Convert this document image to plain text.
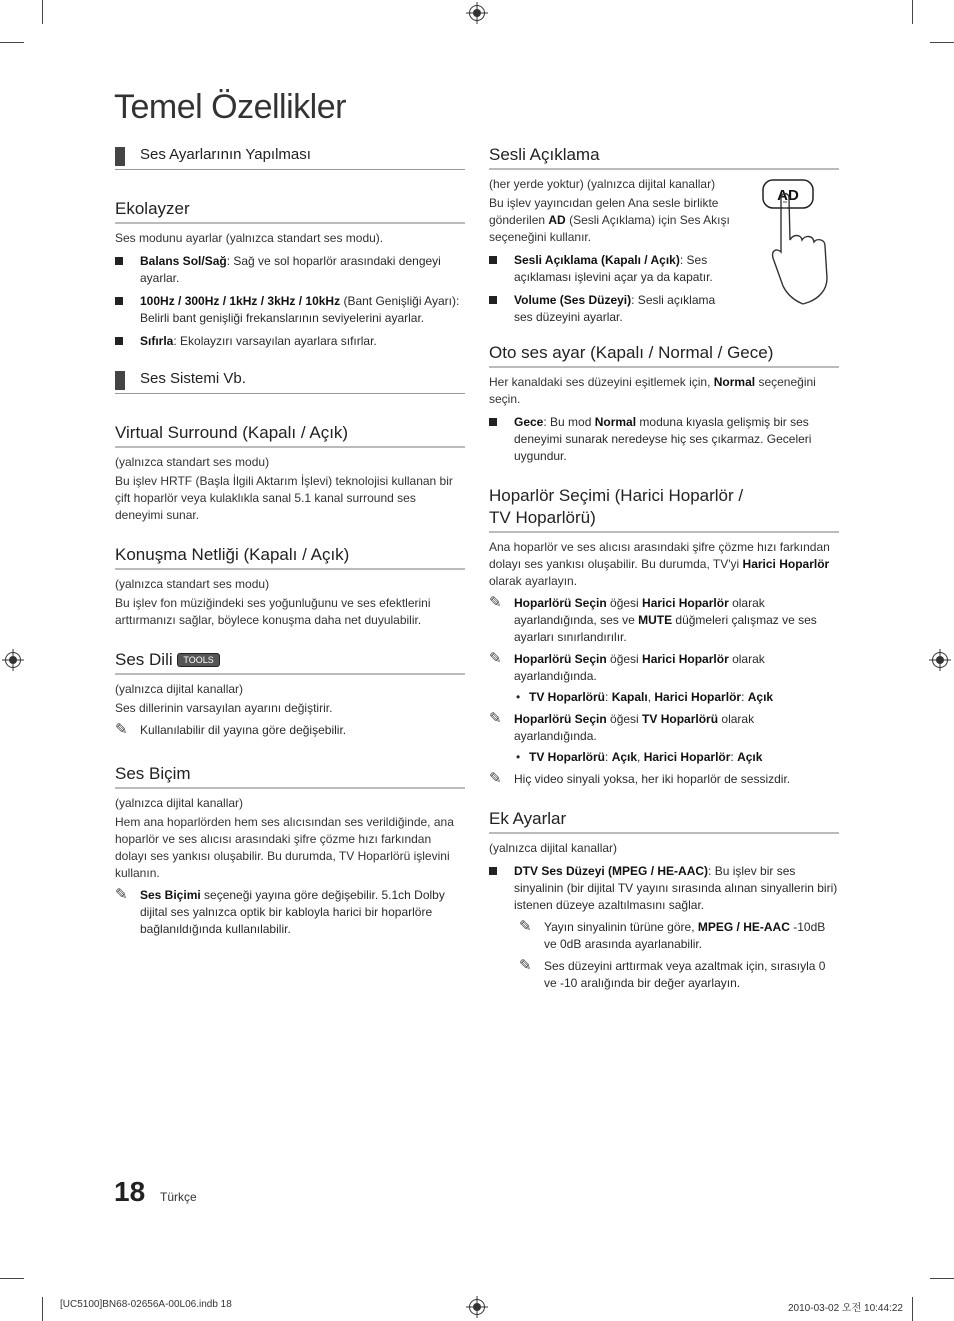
Temel Özellikler
Ses Ayarlarının Yapılması
Ekolayzer
Ses modunu ayarlar (yalnızca standart ses modu).
Balans Sol/Sağ: Sağ ve sol hoparlör arasındaki dengeyi ayarlar.
100Hz / 300Hz / 1kHz / 3kHz / 10kHz (Bant Genişliği Ayarı): Belirli bant genişliği frekanslarının seviyelerini ayarlar.
Sıfırla: Ekolayzırı varsayılan ayarlara sıfırlar.
Ses Sistemi Vb.
Virtual Surround (Kapalı / Açık)
(yalnızca standart ses modu)
Bu işlev HRTF (Başla İlgili Aktarım İşlevi) teknolojisi kullanan bir çift hoparlör veya kulaklıkla sanal 5.1 kanal surround ses deneyimi sunar.
Konuşma Netliği (Kapalı / Açık)
(yalnızca standart ses modu)
Bu işlev fon müziğindeki ses yoğunluğunu ve ses efektlerini arttırmanızı sağlar, böylece konuşma daha net duyulabilir.
Ses Dili TOOLS
(yalnızca dijital kanallar)
Ses dillerinin varsayılan ayarını değiştirir.
✎ Kullanılabilir dil yayına göre değişebilir.
Ses Biçim
(yalnızca dijital kanallar)
Hem ana hoparlörden hem ses alıcısından ses verildiğinde, ana hoparlör ve ses alıcısı arasındaki şifre çözme hızı farkından dolayı ses yankısı oluşabilir. Bu durumda, TV Hoparlörü işlevini kullanın.
✎ Ses Biçimi seçeneği yayına göre değişebilir. 5.1ch Dolby dijital ses yalnızca optik bir kabloyla harici bir hoparlöre bağlanıldığında kullanılabilir.
Sesli Açıklama
(her yerde yoktur) (yalnızca dijital kanallar)
Bu işlev yayıncıdan gelen Ana sesle birlikte gönderilen AD (Sesli Açıklama) için Ses Akışı seçeneğini kullanır.
Sesli Açıklama (Kapalı / Açık): Ses açıklaması işlevini açar ya da kapatır.
Volume (Ses Düzeyi): Sesli açıklama ses düzeyini ayarlar.
AD
Oto ses ayar (Kapalı / Normal / Gece)
Her kanaldaki ses düzeyini eşitlemek için, Normal seçeneğini seçin.
Gece: Bu mod Normal moduna kıyasla gelişmiş bir ses deneyimi sunarak neredeyse hiç ses çıkarmaz. Geceleri uygundur.
Hoparlör Seçimi (Harici Hoparlör /
TV Hoparlörü)
Ana hoparlör ve ses alıcısı arasındaki şifre çözme hızı farkından dolayı ses yankısı oluşabilir. Bu durumda, TV'yi Harici Hoparlör olarak ayarlayın.
✎ Hoparlörü Seçin öğesi Harici Hoparlör olarak ayarlandığında, ses ve MUTE düğmeleri çalışmaz ve ses ayarları sınırlandırılır.
✎ Hoparlörü Seçin öğesi Harici Hoparlör olarak ayarlandığında.
• TV Hoparlörü: Kapalı, Harici Hoparlör: Açık
✎ Hoparlörü Seçin öğesi TV Hoparlörü olarak ayarlandığında.
• TV Hoparlörü: Açık, Harici Hoparlör: Açık
✎ Hiç video sinyali yoksa, her iki hoparlör de sessizdir.
Ek Ayarlar
(yalnızca dijital kanallar)
DTV Ses Düzeyi (MPEG / HE-AAC): Bu işlev bir ses sinyalinin (bir dijital TV yayını sırasında alınan sinyallerin biri) istenen düzeye azaltılmasını sağlar.
✎ Yayın sinyalinin türüne göre, MPEG / HE-AAC -10dB ve 0dB arasında ayarlanabilir.
✎ Ses düzeyini arttırmak veya azaltmak için, sırasıyla 0 ve -10 aralığında bir değer ayarlayın.
18 Türkçe
[UC5100]BN68-02656A-00L06.indb 18	2010-03-02 오전 10:44:22
